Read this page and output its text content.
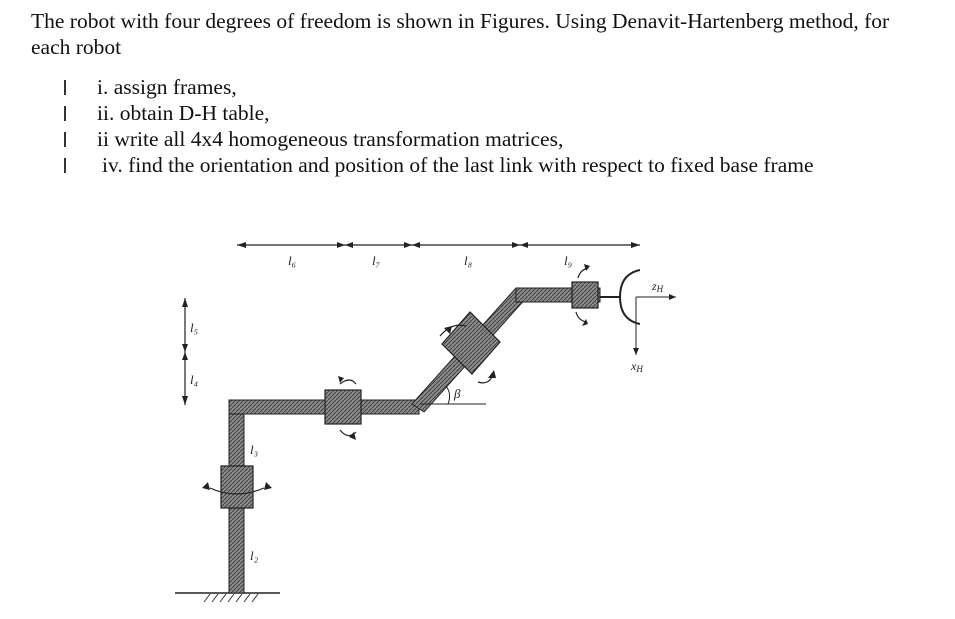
The robot with four degrees of freedom is shown in Figures. Using Denavit-Hartenberg method, for each robot
i. assign frames,
ii. obtain D-H table,
ii write all 4x4 homogeneous transformation matrices,
iv. find the orientation and position of the last link with respect to fixed base frame
l₆	l₇	l₈	l₉
l₅
l₄
l₃
l₂
β
zH
xH
